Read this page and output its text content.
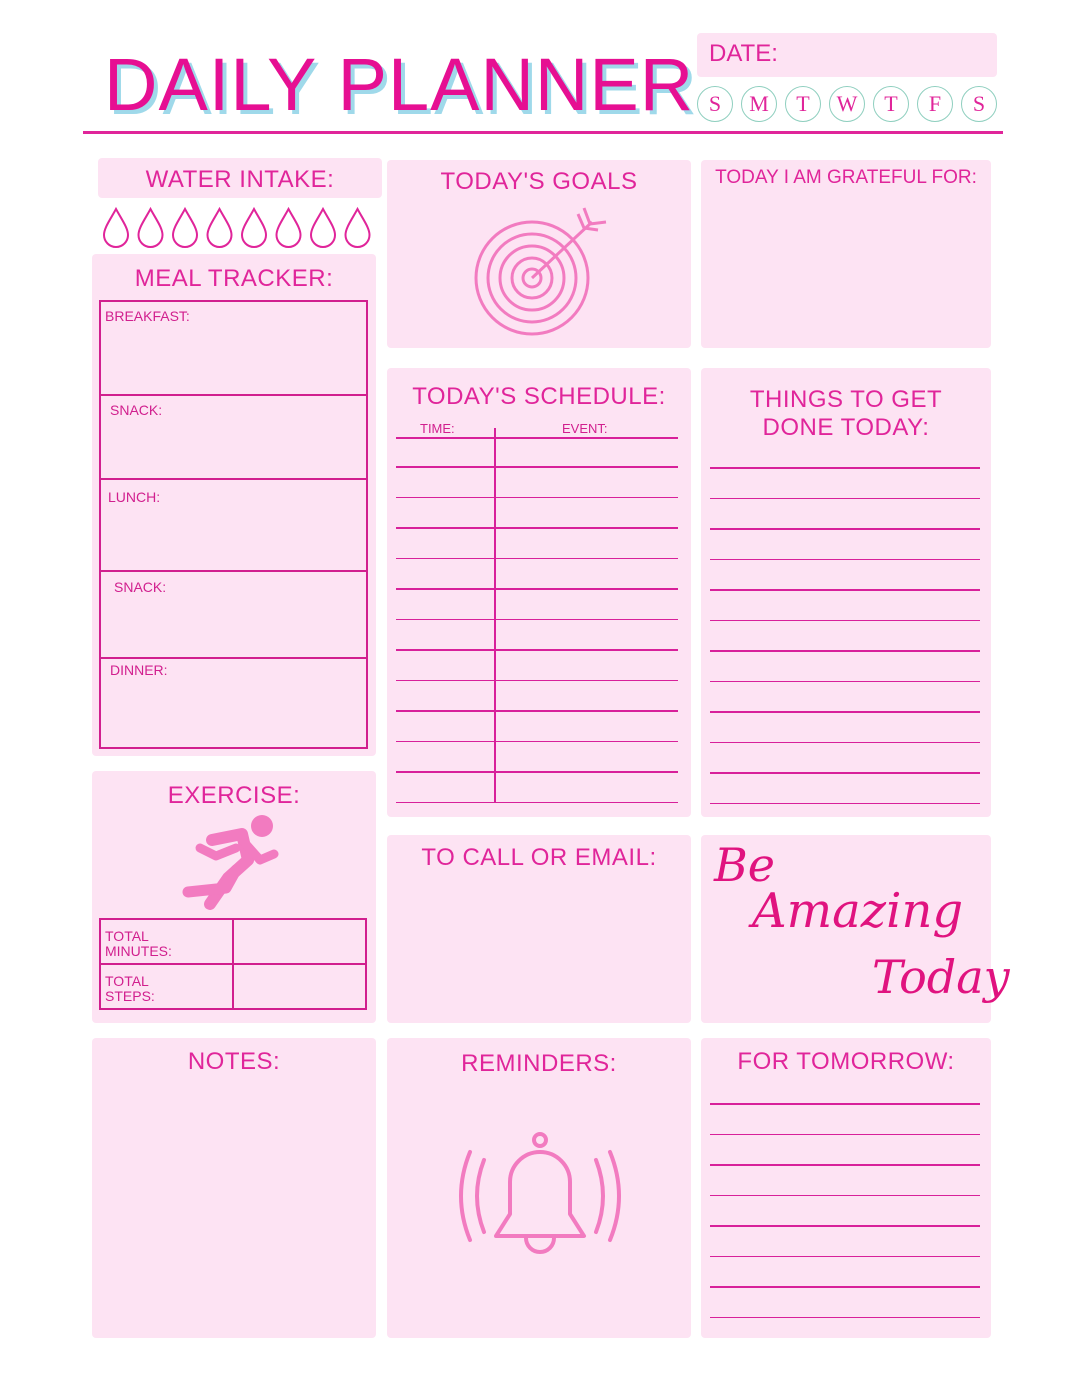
DAILY PLANNER DATE:
S	M	T	W	T	F	S
WATER INTAKE:
MEAL TRACKER:
BREAKFAST:
SNACK:
LUNCH:
SNACK:
DINNER:
TODAY'S GOALS	TODAY I AM GRATEFUL FOR:
TODAY'S SCHEDULE:
TIME:	EVENT:
THINGS TO GET
DONE TODAY:
EXERCISE:
TOTAL
MINUTES:
TOTAL
STEPS:
TO CALL OR EMAIL:	Be
Amazing
Today
NOTES:	REMINDERS:	FOR TOMORROW:
